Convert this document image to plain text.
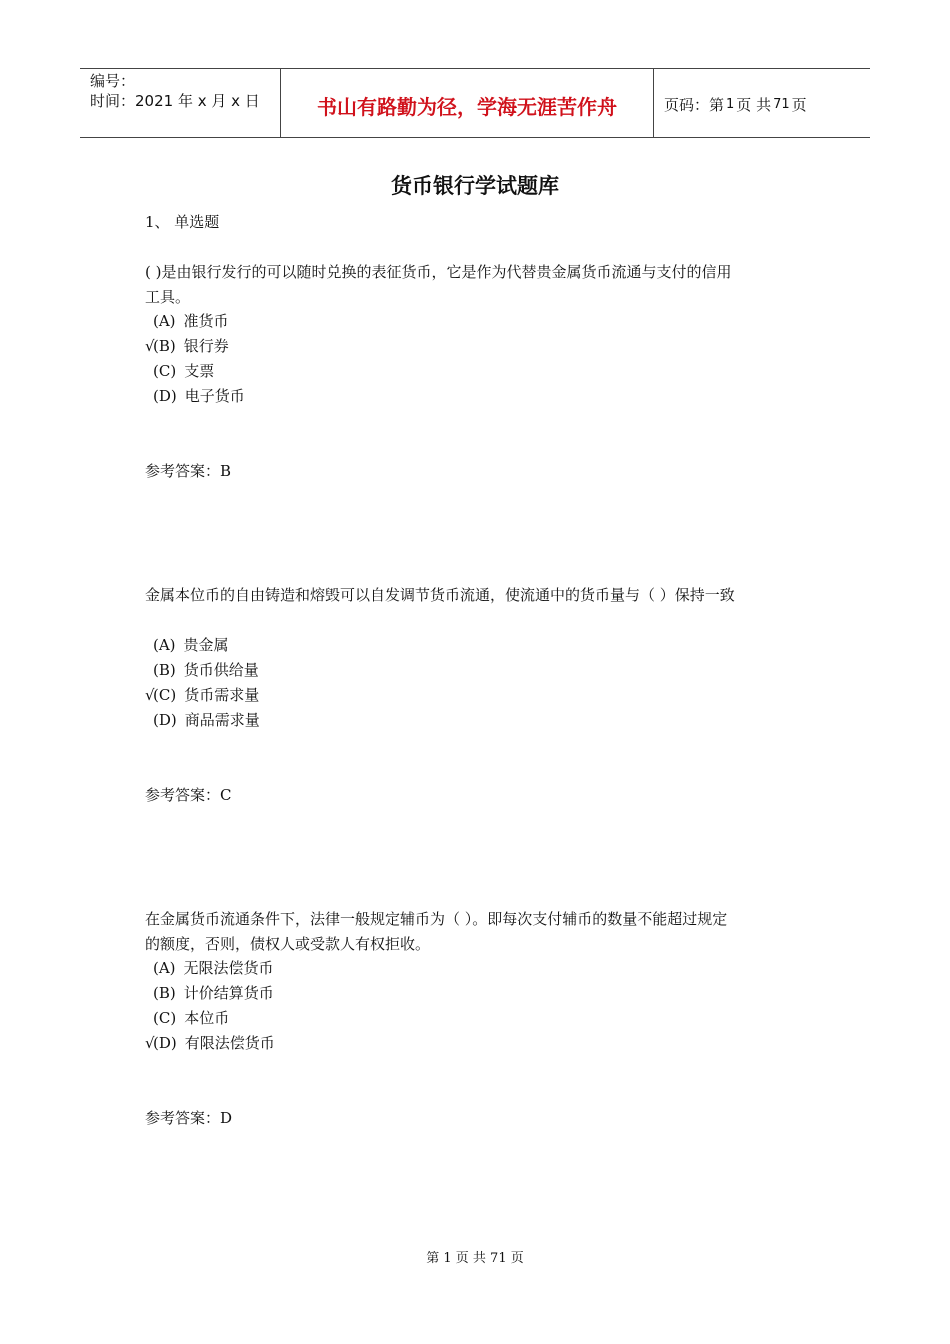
编号：
时间：2021 年 x 月 x 日	书山有路勤为径，学海无涯苦作舟	页码：第 1 页 共 71 页
货币银行学试题库
1、 单选题
( )是由银行发行的可以随时兑换的表征货币，它是作为代替贵金属货币流通与支付的信用
工具。
(A) 准货币
√(B) 银行券
(C) 支票
(D) 电子货币
参考答案：B
金属本位币的自由铸造和熔毁可以自发调节货币流通，使流通中的货币量与（ ）保持一致
(A) 贵金属
(B) 货币供给量
√(C) 货币需求量
(D) 商品需求量
参考答案：C
在金属货币流通条件下，法律一般规定辅币为（ ）。即每次支付辅币的数量不能超过规定
的额度，否则，债权人或受款人有权拒收。
(A) 无限法偿货币
(B) 计价结算货币
(C) 本位币
√(D) 有限法偿货币
参考答案：D
第 1 页 共 71 页
